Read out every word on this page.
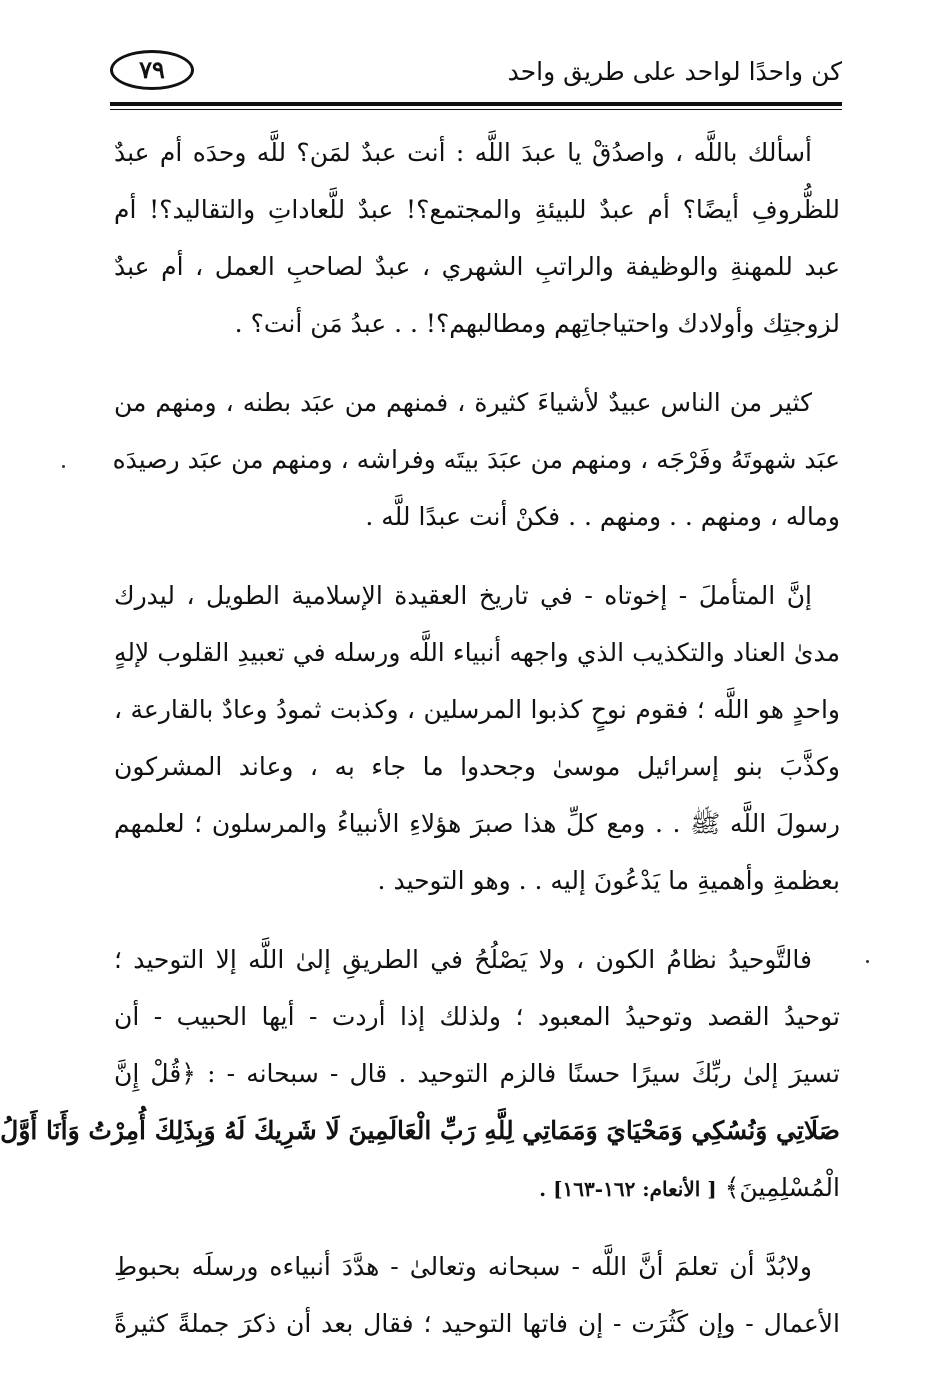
كن واحدًا لواحد على طريق واحد
٧٩
أسألك باللَّه ، واصدُقْ يا عبدَ اللَّه : أنت عبدٌ لمَن؟ للَّه وحدَه أم عبدٌ
للظُّروفِ أيضًا؟ أم عبدٌ للبيئةِ والمجتمع؟! عبدٌ للَّعاداتِ والتقاليد؟! أم
عبد للمهنةِ والوظيفة والراتبِ الشهري ، عبدٌ لصاحبِ العمل ، أم عبدٌ
لزوجتِك وأولادك واحتياجاتِهم ومطالبهم؟! . . عبدُ مَن أنت؟ .
كثير من الناس عبيدٌ لأشياءَ كثيرة ، فمنهم من عبَد بطنه ، ومنهم من
عبَد شهوتَهُ وفَرْجَه ، ومنهم من عبَدَ بيتَه وفراشه ، ومنهم من عبَد رصيدَه
وماله ، ومنهم . . ومنهم . . فكنْ أنت عبدًا للَّه .
إنَّ المتأملَ - إخوتاه - في تاريخ العقيدة الإسلامية الطويل ، ليدرك
مدىٰ العناد والتكذيب الذي واجهه أنبياء اللَّه ورسله في تعبيدِ القلوب لإلهٍ
واحدٍ هو اللَّه ؛ فقوم نوحٍ كذبوا المرسلين ، وكذبت ثمودُ وعادٌ بالقارعة ،
وكذَّبَ بنو إسرائيل موسىٰ وجحدوا ما جاء به ، وعاند المشركون
رسولَ اللَّه ﷺ . . ومع كلِّ هذا صبرَ هؤلاءِ الأنبياءُ والمرسلون ؛ لعلمهم
بعظمةِ وأهميةِ ما يَدْعُونَ إليه . . وهو التوحيد .
فالتَّوحيدُ نظامُ الكون ، ولا يَصْلُحُ في الطريقِ إلىٰ اللَّه إلا التوحيد ؛
توحيدُ القصد وتوحيدُ المعبود ؛ ولذلك إذا أردت - أيها الحبيب - أن
تسيرَ إلىٰ ربِّكَ سيرًا حسنًا فالزم التوحيد . قال - سبحانه - : ﴿قُلْ إِنَّ
صَلَاتِي وَنُسُكِي وَمَحْيَايَ وَمَمَاتِي لِلَّهِ رَبِّ الْعَالَمِينَ لَا شَرِيكَ لَهُ وَبِذَلِكَ أُمِرْتُ وَأَنَا أَوَّلُ
الْمُسْلِمِينَ﴾ [ الأنعام: ١٦٢-١٦٣] .
ولابُدَّ أن تعلمَ أنَّ اللَّه - سبحانه وتعالىٰ - هدَّدَ أنبياءه ورسلَه بحبوطِ
الأعمال - وإن كَثُرَت - إن فاتها التوحيد ؛ فقال بعد أن ذكرَ جملةً كثيرةً
